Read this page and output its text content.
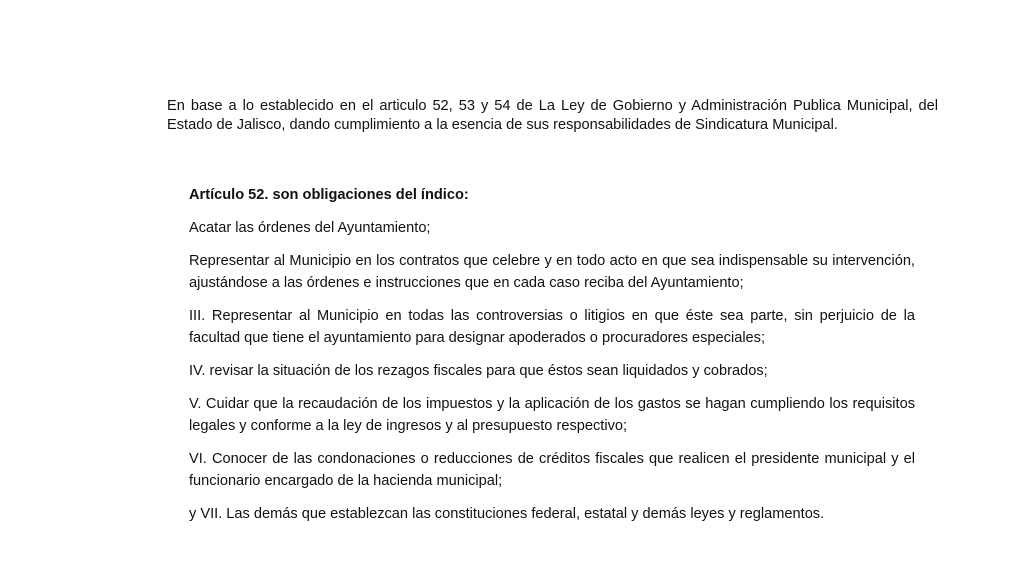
En base a lo establecido en el articulo 52, 53 y 54 de La Ley de Gobierno y Administración Publica Municipal, del Estado de Jalisco, dando cumplimiento a la esencia de sus responsabilidades de Sindicatura Municipal.

Artículo 52. son obligaciones del índico:

Acatar las órdenes del Ayuntamiento;

Representar al Municipio en los contratos que celebre y en todo acto en que sea indispensable su intervención, ajustándose a las órdenes e instrucciones que en cada caso reciba del Ayuntamiento;

III. Representar al Municipio en todas las controversias o litigios en que éste sea parte, sin perjuicio de la facultad que tiene el ayuntamiento para designar apoderados o procuradores especiales;

IV. revisar la situación de los rezagos fiscales para que éstos sean liquidados y cobrados;

V. Cuidar que la recaudación de los impuestos y la aplicación de los gastos se hagan cumpliendo los requisitos legales y conforme a la ley de ingresos y al presupuesto respectivo;

VI. Conocer de las condonaciones o reducciones de créditos fiscales que realicen el presidente municipal y el funcionario encargado de la hacienda municipal;

y VII. Las demás que establezcan las constituciones federal, estatal y demás leyes y reglamentos.
